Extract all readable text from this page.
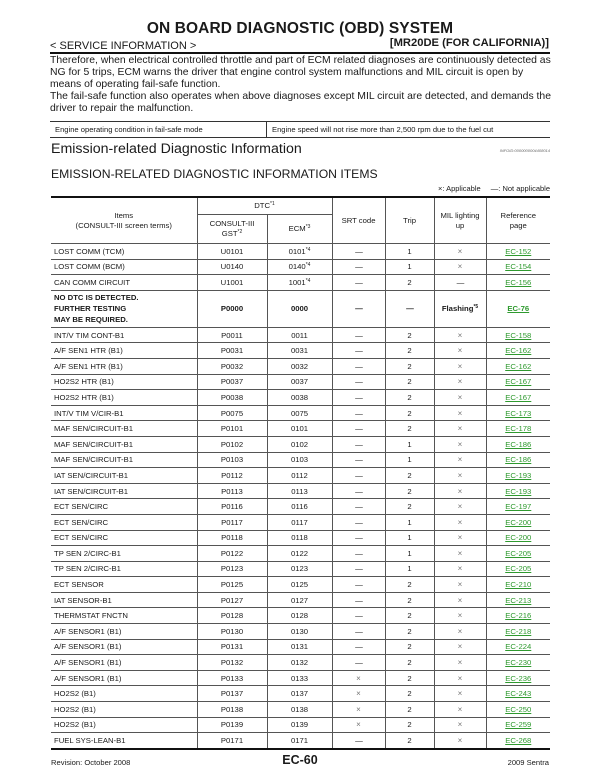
ON BOARD DIAGNOSTIC (OBD) SYSTEM
< SERVICE INFORMATION >	[MR20DE (FOR CALIFORNIA)]

Therefore, when electrical controlled throttle and part of ECM related diagnoses are continuously detected as NG for 5 trips, ECM warns the driver that engine control system malfunctions and MIL circuit is open by means of operating fail-safe function.

The fail-safe function also operates when above diagnoses except MIL circuit are detected, and demands the driver to repair the malfunction.

Engine operating condition in fail-safe mode	Engine speed will not rise more than 2,500 rpm due to the fuel cut
Emission-related Diagnostic Information	INFOID:0000000004408014
EMISSION-RELATED DIAGNOSTIC INFORMATION ITEMS
×: Applicable —: Not applicable
Items
(CONSULT-III screen terms)	DTC$^{*1}$		SRT code	Trip	MIL lighting
up	Reference
page
	CONSULT-III
GST$^{*2}$	ECM$^{*3}$
LOST COMM (TCM)	U0101	0101$^{*4}$	—	1	×	EC-152
LOST COMM (BCM)	U0140	0140$^{*4}$	—	1	×	EC-154
CAN COMM CIRCUIT	U1001	1001$^{*4}$	—	2	—	EC-156
NO DTC IS DETECTED.
FURTHER TESTING
MAY BE REQUIRED.	P0000	0000	—	—	Flashing$^{*5}$	EC-76
INT/V TIM CONT-B1	P0011	0011	—	2	×	EC-158
A/F SEN1 HTR (B1)	P0031	0031	—	2	×	EC-162
A/F SEN1 HTR (B1)	P0032	0032	—	2	×	EC-162
HO2S2 HTR (B1)	P0037	0037	—	2	×	EC-167
HO2S2 HTR (B1)	P0038	0038	—	2	×	EC-167
INT/V TIM V/CIR-B1	P0075	0075	—	2	×	EC-173
MAF SEN/CIRCUIT-B1	P0101	0101	—	2	×	EC-178
MAF SEN/CIRCUIT-B1	P0102	0102	—	1	×	EC-186
MAF SEN/CIRCUIT-B1	P0103	0103	—	1	×	EC-186
IAT SEN/CIRCUIT-B1	P0112	0112	—	2	×	EC-193
IAT SEN/CIRCUIT-B1	P0113	0113	—	2	×	EC-193
ECT SEN/CIRC	P0116	0116	—	2	×	EC-197
ECT SEN/CIRC	P0117	0117	—	1	×	EC-200
ECT SEN/CIRC	P0118	0118	—	1	×	EC-200
TP SEN 2/CIRC-B1	P0122	0122	—	1	×	EC-205
TP SEN 2/CIRC-B1	P0123	0123	—	1	×	EC-205
ECT SENSOR	P0125	0125	—	2	×	EC-210
IAT SENSOR-B1	P0127	0127	—	2	×	EC-213
THERMSTAT FNCTN	P0128	0128	—	2	×	EC-216
A/F SENSOR1 (B1)	P0130	0130	—	2	×	EC-218
A/F SENSOR1 (B1)	P0131	0131	—	2	×	EC-224
A/F SENSOR1 (B1)	P0132	0132	—	2	×	EC-230
A/F SENSOR1 (B1)	P0133	0133	×	2	×	EC-236
HO2S2 (B1)	P0137	0137	×	2	×	EC-243
HO2S2 (B1)	P0138	0138	×	2	×	EC-250
HO2S2 (B1)	P0139	0139	×	2	×	EC-259
FUEL SYS-LEAN-B1	P0171	0171	—	2	×	EC-268
Revision: October 2008	EC-60	2009 Sentra
